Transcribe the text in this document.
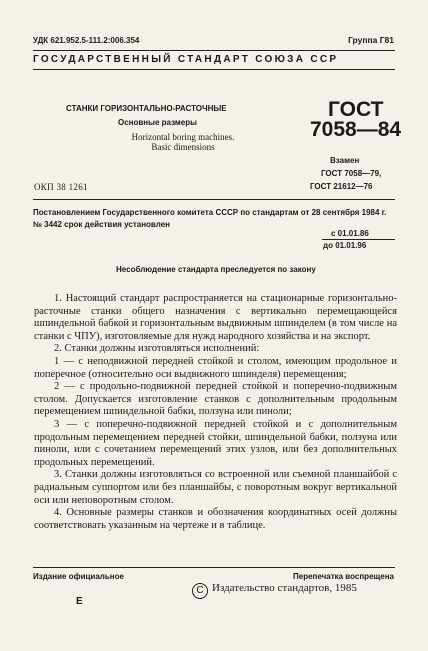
УДК 621.952.5-111.2:006.354	Группа Г81
ГОСУДАРСТВЕННЫЙ СТАНДАРТ СОЮЗА ССР
СТАНКИ ГОРИЗОНТАЛЬНО-РАСТОЧНЫЕ
Основные размеры
Horizontal boring machines.
Basic dimensions
ГОСТ
7058—84
Взамен
ГОСТ 7058—79,
ГОСТ 21612—76
ОКП 38 1261
Постановлением Государственного комитета СССР по стандартам от 28 сентября 1984 г. № 3442 срок действия установлен
с 01.01.86
до 01.01.96
Несоблюдение стандарта преследуется по закону

1. Настоящий стандарт распространяется на стационарные горизонтально-расточные станки общего назначения с вертикально перемещающейся шпиндельной бабкой и горизонтальным выдвижным шпинделем (в том числе на станки с ЧПУ), изготовляемые для нужд народного хозяйства и на экспорт.

2. Станки должны изготовляться исполнений:

1 — с неподвижной передней стойкой и столом, имеющим продольное и поперечное (относительно оси выдвижного шпинделя) перемещения;

2 — с продольно-подвижной передней стойкой и поперечно-подвижным столом. Допускается изготовление станков с дополнительным продольным перемещением шпиндельной бабки, ползуна или пиноли;

3 — с поперечно-подвижной передней стойкой и с дополнительным продольным перемещением передней стойки, шпиндельной бабки, ползуна или пиноли, или с сочетанием перемещений этих узлов, или без дополнительных продольных перемещений.

3. Станки должны изготовляться со встроенной или съемной планшайбой с радиальным суппортом или без планшайбы, с поворотным вокруг вертикальной оси или неповоротным столом.

4. Основные размеры станков и обозначения координатных осей должны соответствовать указанным на чертеже и в таблице.

Издание официальное	Перепечатка воспрещена
C Издательство стандартов, 1985
Е
